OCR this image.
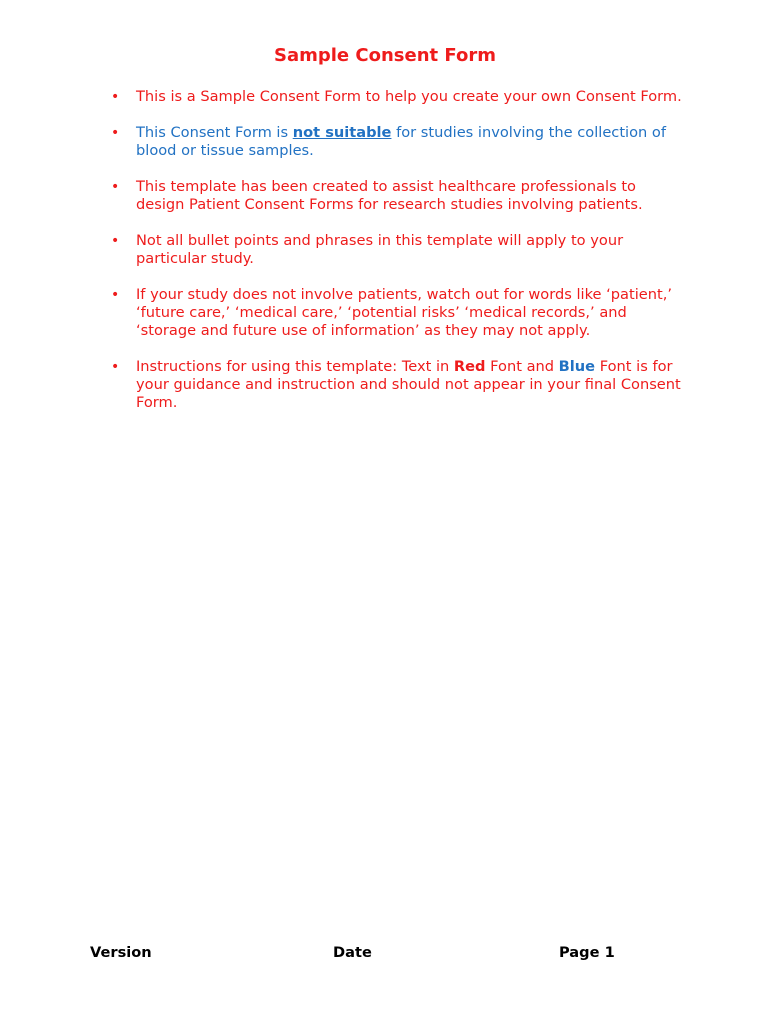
Sample Consent Form
• This is a Sample Consent Form to help you create your own Consent Form.
• This Consent Form is not suitable for studies involving the collection of blood or tissue samples.
• This template has been created to assist healthcare professionals to design Patient Consent Forms for research studies involving patients.
• Not all bullet points and phrases in this template will apply to your particular study.
• If your study does not involve patients, watch out for words like ‘patient,’ ‘future care,’ ‘medical care,’ ‘potential risks’ ‘medical records,’ and ‘storage and future use of information’ as they may not apply.
• Instructions for using this template: Text in Red Font and Blue Font is for your guidance and instruction and should not appear in your final Consent Form.
Version	Date	Page 1
